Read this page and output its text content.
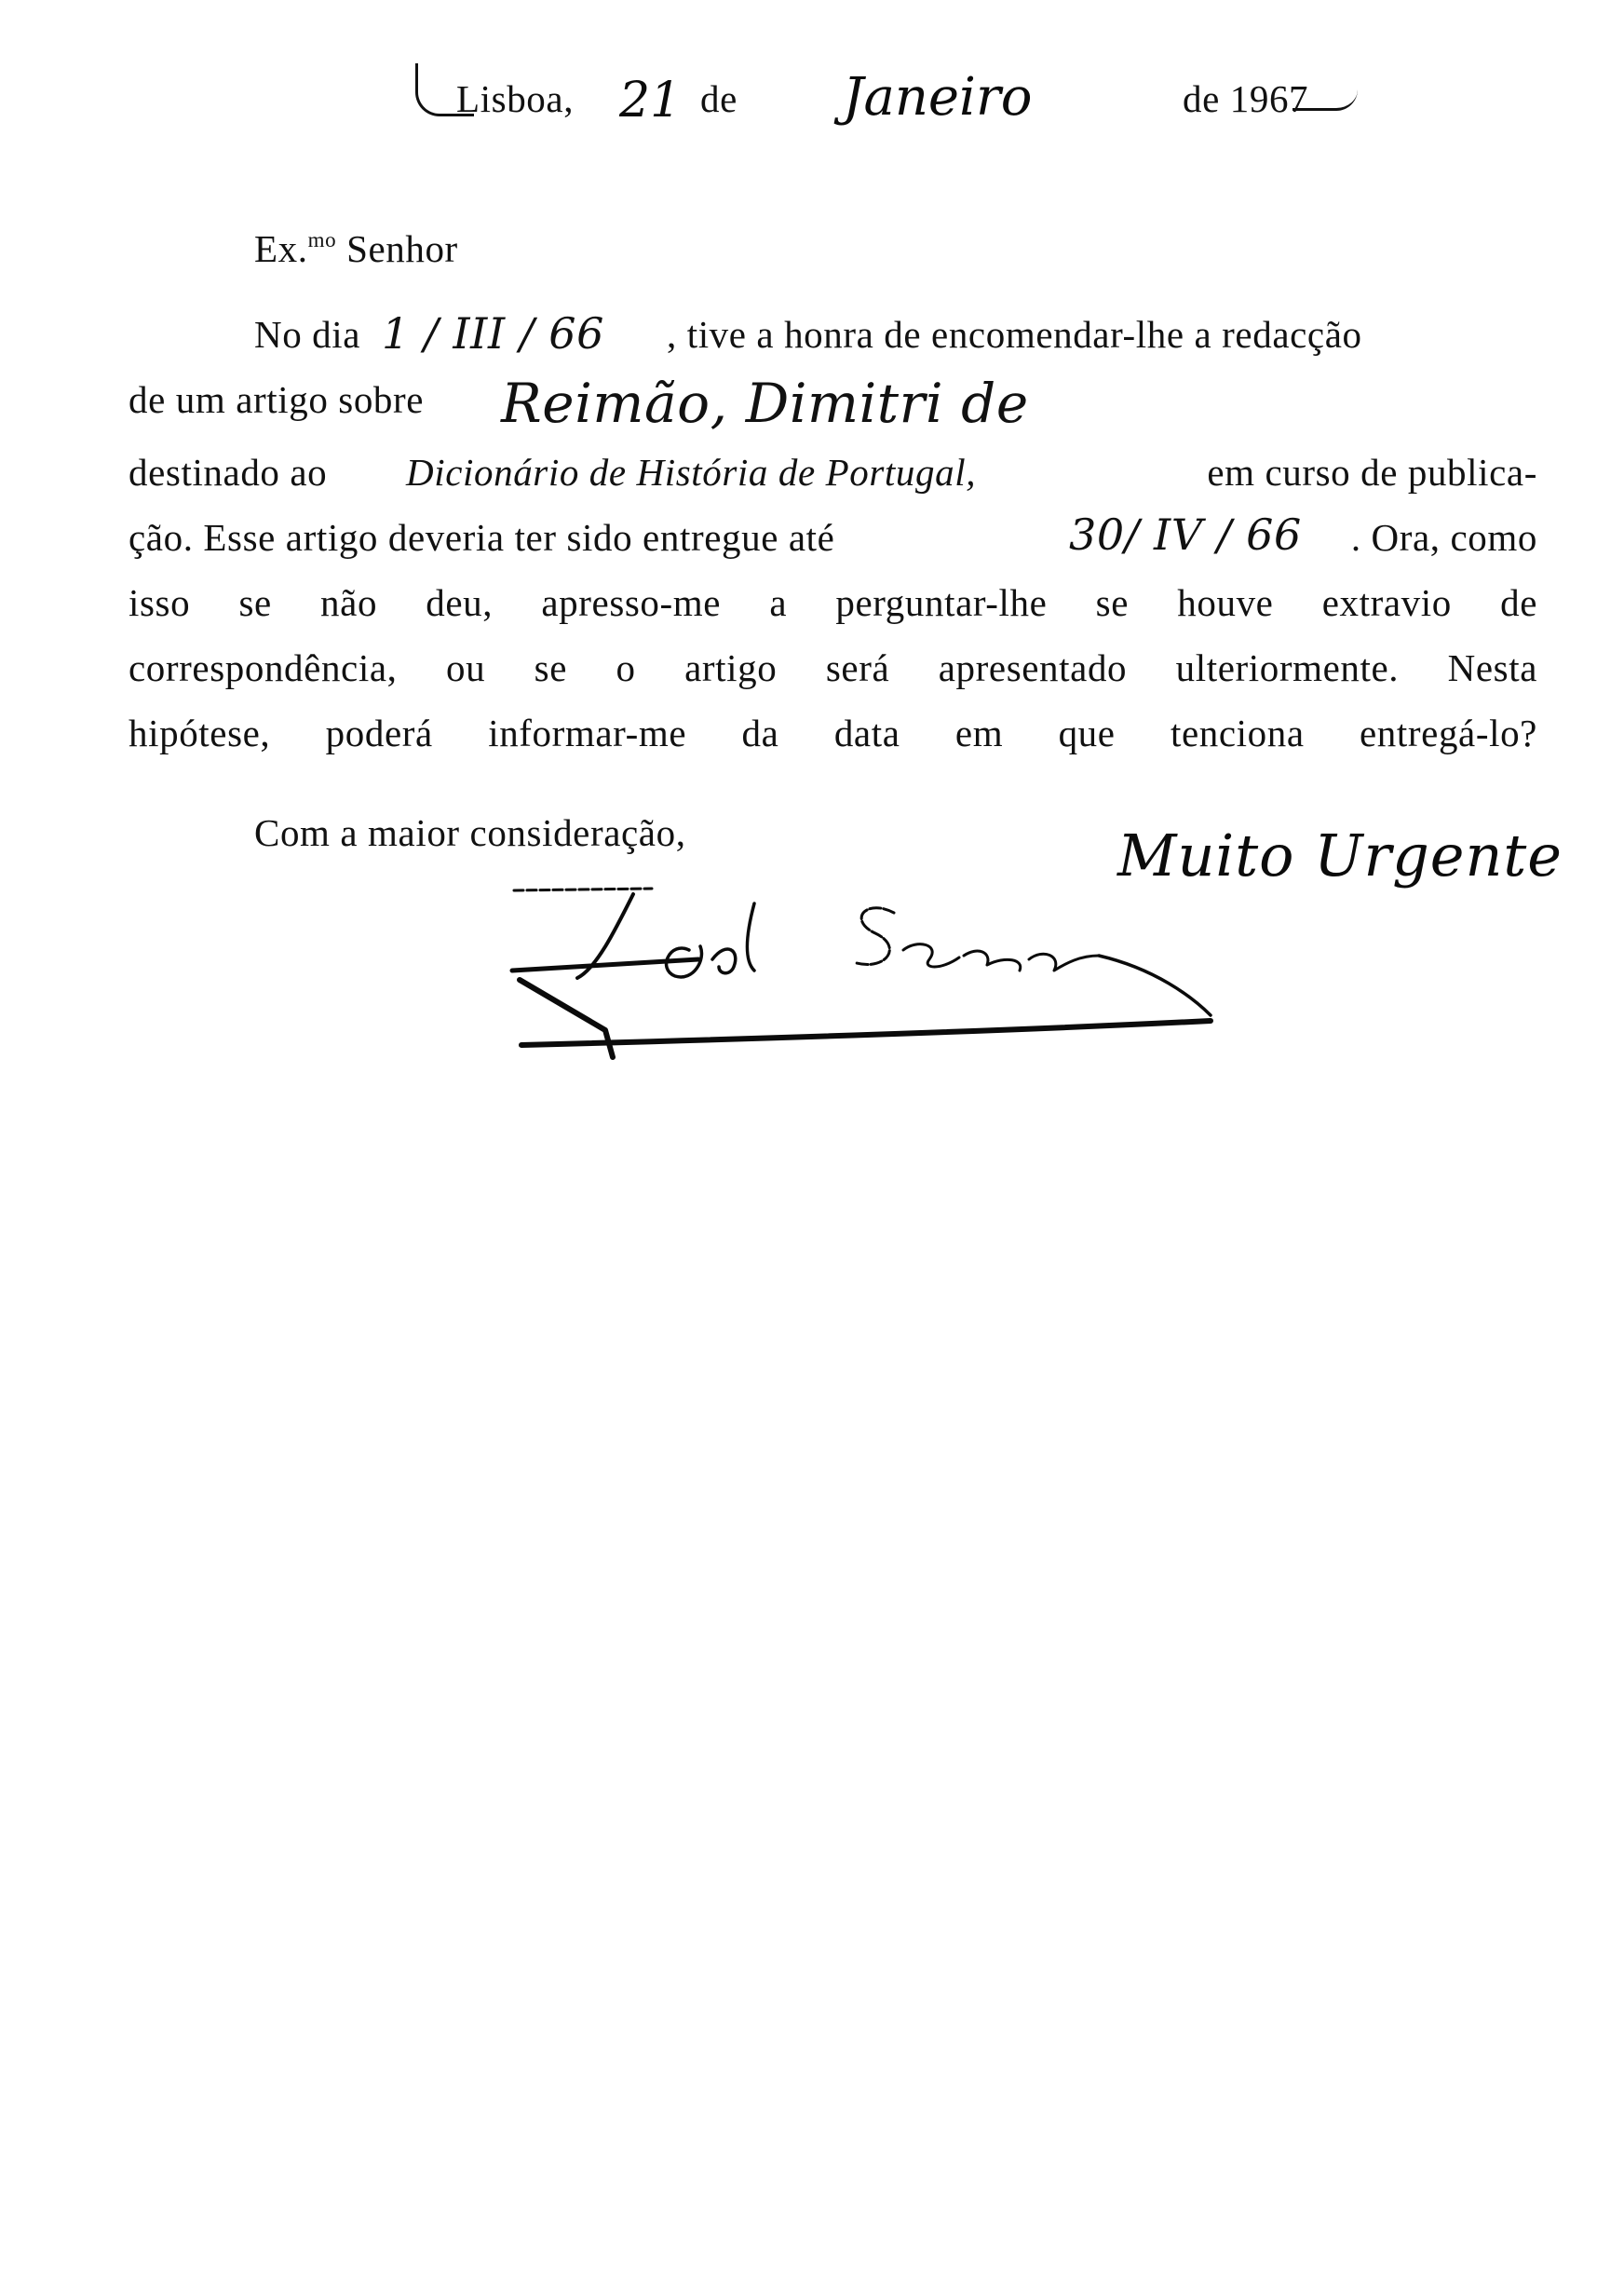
Lisboa, 21 de Janeiro	de 1967
Ex.$^{mo}$ Senhor
No dia 1 / III / 66 , tive a honra de encomendar-lhe a redacção
de um artigo sobre Reimão, Dimitri de
destinado ao Dicionário de História de Portugal,	em curso de publica-
ção. Esse artigo deveria ter sido entregue até	30/ IV / 66 . Ora, como
isso se não deu, apresso-me a perguntar-lhe se houve extravio de
correspondência, ou se o artigo será apresentado ulteriormente. Nesta
hipótese, poderá informar-me da data em que tenciona entregá-lo?
Com a maior consideração,	Muito Urgente
